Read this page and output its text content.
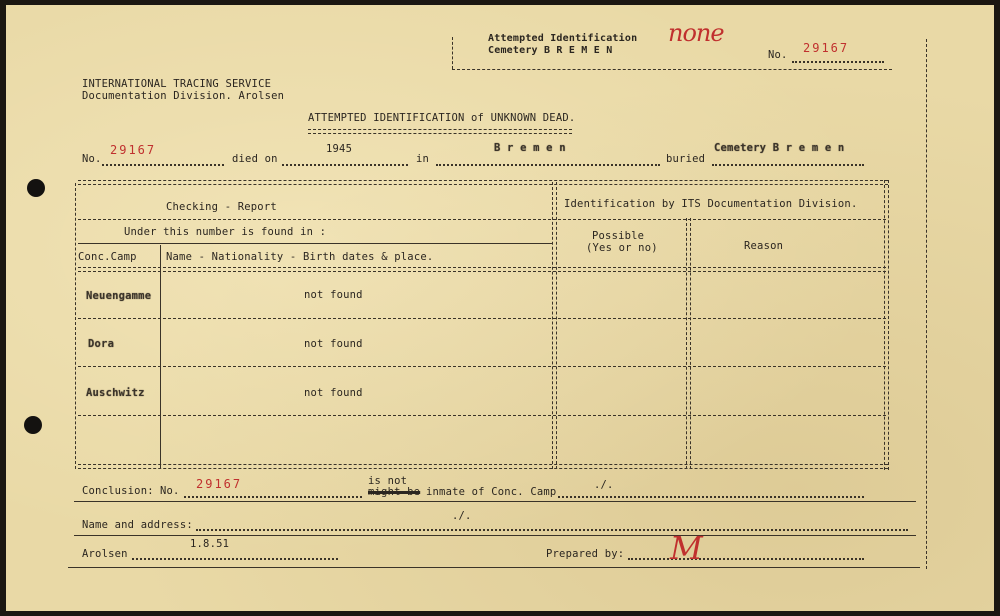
Attempted Identification
Cemetery B R E M E N
none
No. 29167
INTERNATIONAL TRACING SERVICE
Documentation Division. Arolsen
ATTEMPTED IDENTIFICATION of UNKNOWN DEAD.
No.
29167
died on
1945
in
B r e m e n
buried
Cemetery B r e m e n
Checking - Report	Identification by ITS Documentation Division.
Under this number is found in :	Possible
(Yes or no)	Reason
Conc.Camp	Name - Nationality - Birth dates & place.
Neuengamme	not found
Dora	not found
Auschwitz	not found
Conclusion: No. 29167	is not
might be inmate of Conc. Camp
./.
Name and address:
./.
Arolsen
1.8.51
Prepared by: M
